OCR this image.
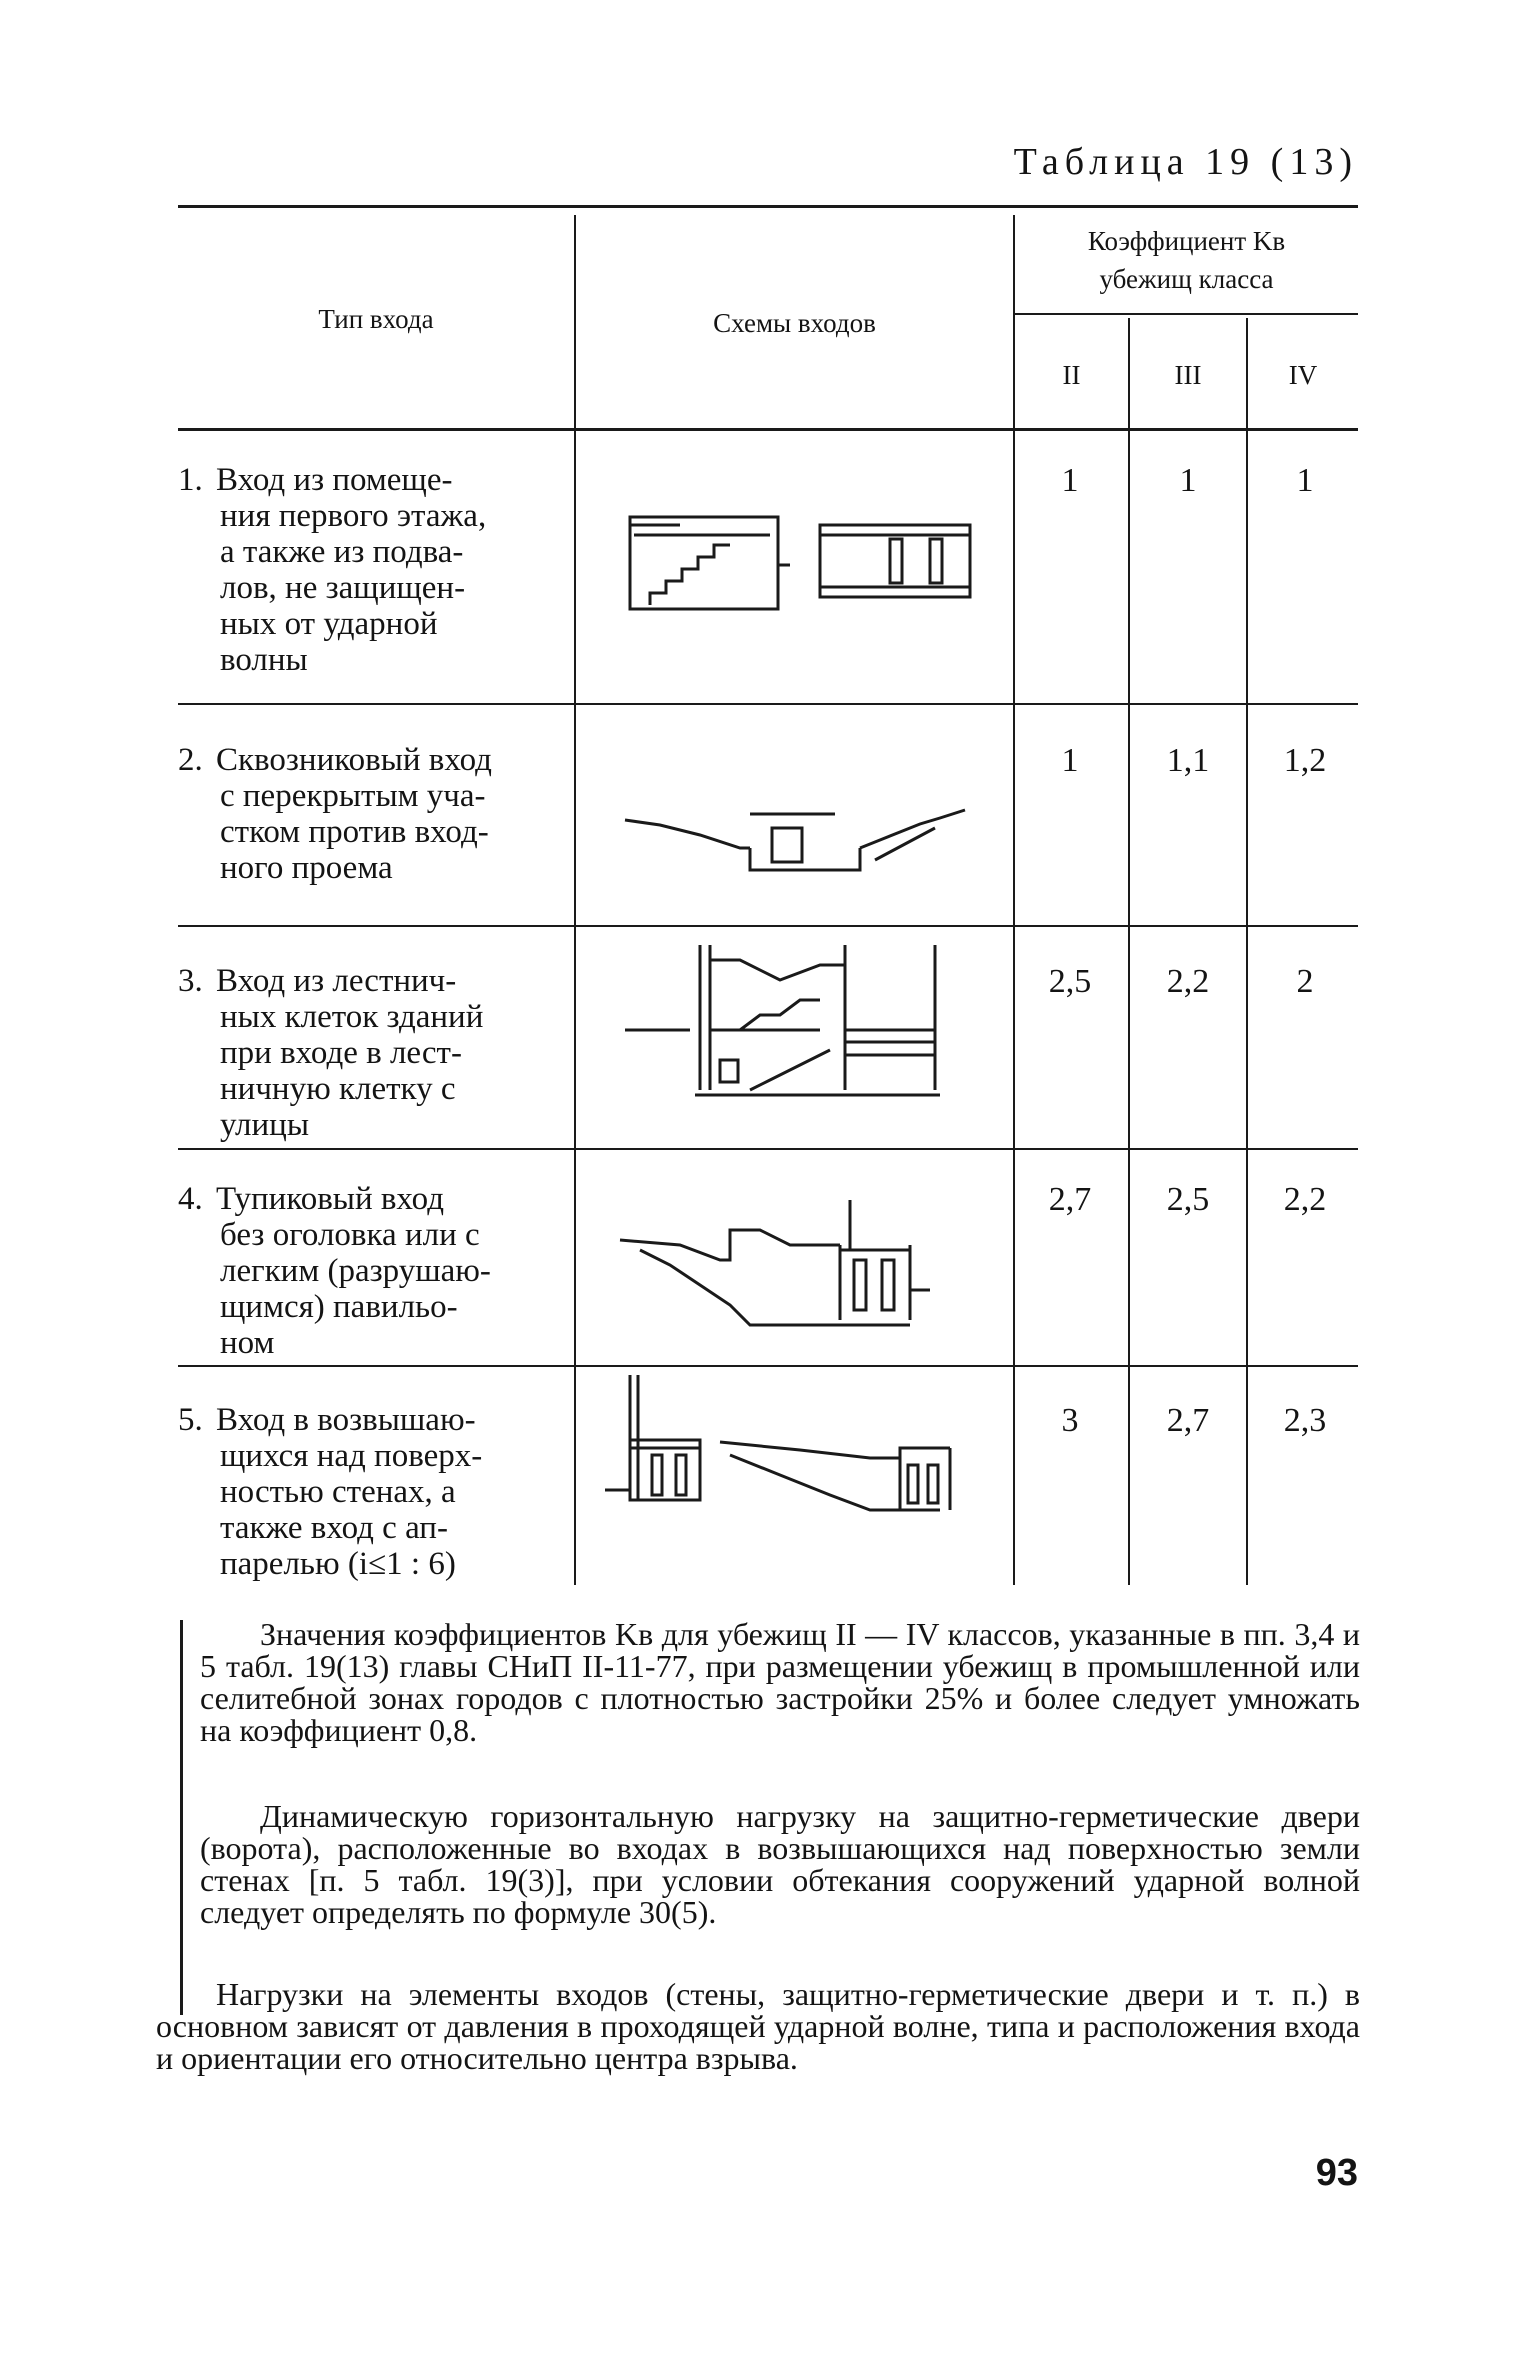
Таблица 19 (13)
Тип входа	Схемы входов
Коэффициент Kв
убежищ класса
II	III	IV
1. Вход из помеще-
ния первого этажа,
а также из подва-
лов, не защищен-
ных от ударной
волны
1	1	1
2. Сквозниковый вход
с перекрытым уча-
стком против вход-
ного проема
1	1,1	1,2
3. Вход из лестнич-
ных клеток зданий
при входе в лест-
ничную клетку с
улицы
2,5	2,2	2
4. Тупиковый вход
без оголовка или с
легким (разрушаю-
щимся) павильо-
ном
2,7	2,5	2,2
5. Вход в возвышаю-
щихся над поверх-
ностью стенах, а
также вход с ап-
парелью (i≤1 : 6)
3	2,7	2,3
Значения коэффициентов Kв для убежищ II — IV классов, указанные в пп. 3,4 и 5 табл. 19(13) главы СНиП II-11-77, при размещении убежищ в промышленной или селитебной зонах городов с плотностью застройки 25% и более следует умножать на коэффициент 0,8.
Динамическую горизонтальную нагрузку на защитно-герметические двери (ворота), расположенные во входах в возвышающихся над поверхностью земли стенах [п. 5 табл. 19(3)], при условии обтекания сооружений ударной волной следует определять по формуле 30(5).
Нагрузки на элементы входов (стены, защитно-герметические двери и т. п.) в основном зависят от давления в проходящей ударной волне, типа и расположения входа и ориентации его относительно центра взрыва.
93
